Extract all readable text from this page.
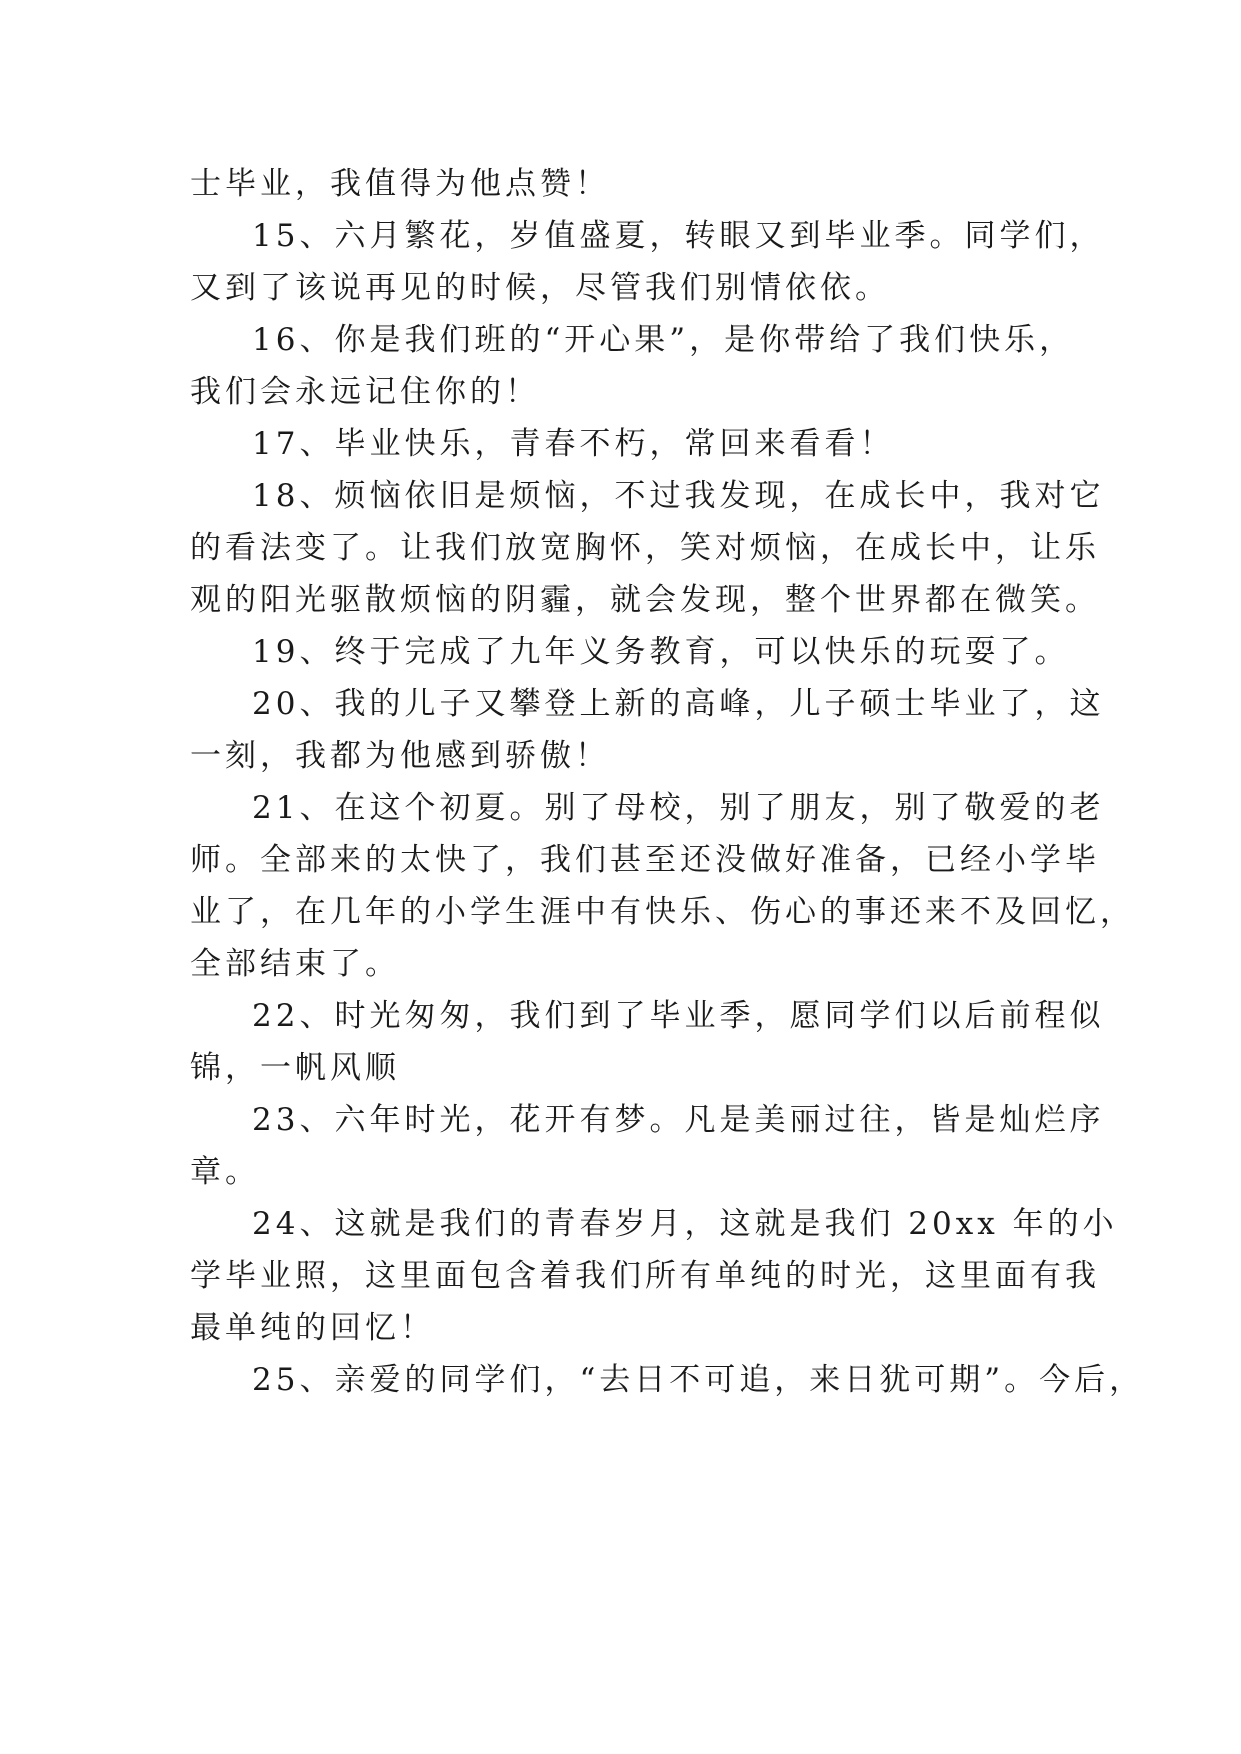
士毕业，我值得为他点赞！
15、六月繁花，岁值盛夏，转眼又到毕业季。同学们，
又到了该说再见的时候，尽管我们别情依依。
16、你是我们班的“开心果”，是你带给了我们快乐，
我们会永远记住你的！
17、毕业快乐，青春不朽，常回来看看！
18、烦恼依旧是烦恼，不过我发现，在成长中，我对它
的看法变了。让我们放宽胸怀，笑对烦恼，在成长中，让乐
观的阳光驱散烦恼的阴霾，就会发现，整个世界都在微笑。
19、终于完成了九年义务教育，可以快乐的玩耍了。
20、我的儿子又攀登上新的高峰，儿子硕士毕业了，这
一刻，我都为他感到骄傲！
21、在这个初夏。别了母校，别了朋友，别了敬爱的老
师。全部来的太快了，我们甚至还没做好准备，已经小学毕
业了，在几年的小学生涯中有快乐、伤心的事还来不及回忆，
全部结束了。
22、时光匆匆，我们到了毕业季，愿同学们以后前程似
锦，一帆风顺
23、六年时光，花开有梦。凡是美丽过往，皆是灿烂序
章。
24、这就是我们的青春岁月，这就是我们 20xx 年的小
学毕业照，这里面包含着我们所有单纯的时光，这里面有我
最单纯的回忆！
25、亲爱的同学们，“去日不可追，来日犹可期”。今后，
